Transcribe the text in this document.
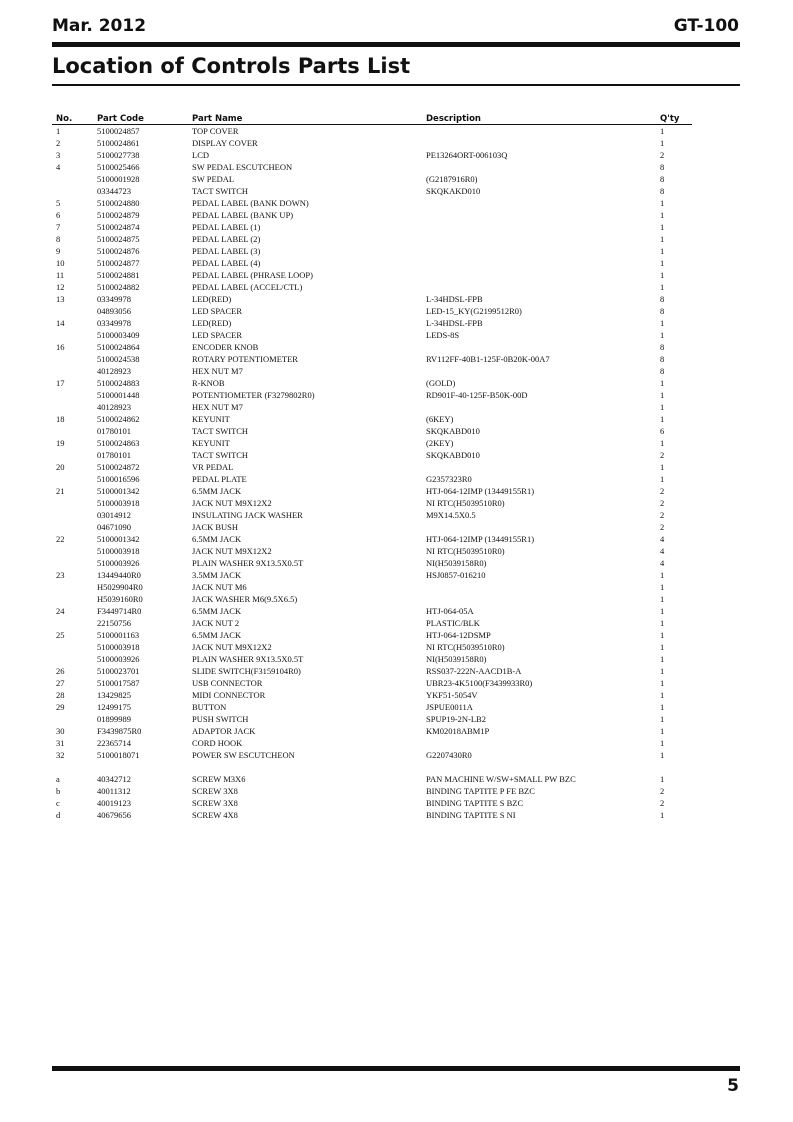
Mar. 2012	GT-100
Location of Controls Parts List
No.	Part Code	Part Name	Description	Q'ty
1	5100024857	TOP COVER		1
2	5100024861	DISPLAY COVER		1
3	5100027738	LCD	PE13264ORT-006103Q	2
4	5100025466	SW PEDAL ESCUTCHEON		8
	5100001928	SW PEDAL	(G2187916R0)	8
	03344723	TACT SWITCH	SKQKAKD010	8
5	5100024880	PEDAL LABEL (BANK DOWN)		1
6	5100024879	PEDAL LABEL (BANK UP)		1
7	5100024874	PEDAL LABEL (1)		1
8	5100024875	PEDAL LABEL (2)		1
9	5100024876	PEDAL LABEL (3)		1
10	5100024877	PEDAL LABEL (4)		1
11	5100024881	PEDAL LABEL (PHRASE LOOP)		1
12	5100024882	PEDAL LABEL (ACCEL/CTL)		1
13	03349978	LED(RED)	L-34HDSL-FPB	8
	04893056	LED SPACER	LED-15_KY(G2199512R0)	8
14	03349978	LED(RED)	L-34HDSL-FPB	1
	5100003409	LED SPACER	LEDS-8S	1
16	5100024864	ENCODER KNOB		8
	5100024538	ROTARY POTENTIOMETER	RV112FF-40B1-125F-0B20K-00A7	8
	40128923	HEX NUT M7		8
17	5100024883	R-KNOB	(GOLD)	1
	5100001448	POTENTIOMETER (F3279802R0)	RD901F-40-125F-B50K-00D	1
	40128923	HEX NUT M7		1
18	5100024862	KEYUNIT	(6KEY)	1
	01780101	TACT SWITCH	SKQKABD010	6
19	5100024863	KEYUNIT	(2KEY)	1
	01780101	TACT SWITCH	SKQKABD010	2
20	5100024872	VR PEDAL		1
	5100016596	PEDAL PLATE	G2357323R0	1
21	5100001342	6.5MM JACK	HTJ-064-12IMP (13449155R1)	2
	5100003918	JACK NUT M9X12X2	NI RTC(H5039510R0)	2
	03014912	INSULATING JACK WASHER	M9X14.5X0.5	2
	04671090	JACK BUSH		2
22	5100001342	6.5MM JACK	HTJ-064-12IMP (13449155R1)	4
	5100003918	JACK NUT M9X12X2	NI RTC(H5039510R0)	4
	5100003926	PLAIN WASHER 9X13.5X0.5T	NI(H5039158R0)	4
23	13449440R0	3.5MM JACK	HSJ0857-016210	1
	H5029904R0	JACK NUT M6		1
	H5039160R0	JACK WASHER M6(9.5X6.5)		1
24	F3449714R0	6.5MM JACK	HTJ-064-05A	1
	22150756	JACK NUT 2	PLASTIC/BLK	1
25	5100001163	6.5MM JACK	HTJ-064-12DSMP	1
	5100003918	JACK NUT M9X12X2	NI RTC(H5039510R0)	1
	5100003926	PLAIN WASHER 9X13.5X0.5T	NI(H5039158R0)	1
26	5100023701	SLIDE SWITCH(F3159104R0)	RSS037-222N-AACD1B-A	1
27	5100017587	USB CONNECTOR	UBR23-4K5100(F3439933R0)	1
28	13429825	MIDI CONNECTOR	YKF51-5054V	1
29	12499175	BUTTON	JSPUE0011A	1
	01899989	PUSH SWITCH	SPUP19-2N-LB2	1
30	F3439875R0	ADAPTOR JACK	KM02018ABM1P	1
31	22365714	CORD HOOK		1
32	5100018071	POWER SW ESCUTCHEON	G2207430R0	1

a	40342712	SCREW M3X6	PAN MACHINE W/SW+SMALL PW BZC	1
b	40011312	SCREW 3X8	BINDING TAPTITE P FE BZC	2
c	40019123	SCREW 3X8	BINDING TAPTITE S BZC	2
d	40679656	SCREW 4X8	BINDING TAPTITE S NI	1
5
